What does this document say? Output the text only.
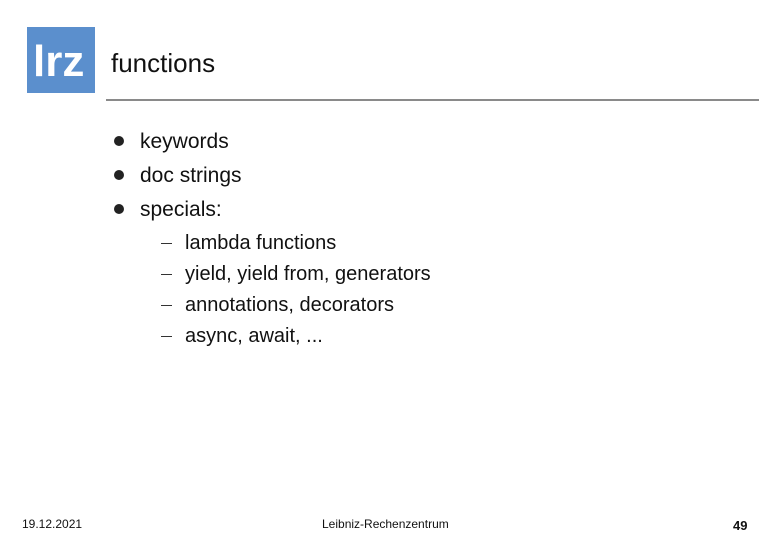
lrz functions
keywords
doc strings
specials:
lambda functions
yield, yield from, generators
annotations, decorators
async, await, ...
19.12.2021	Leibniz-Rechenzentrum	49
